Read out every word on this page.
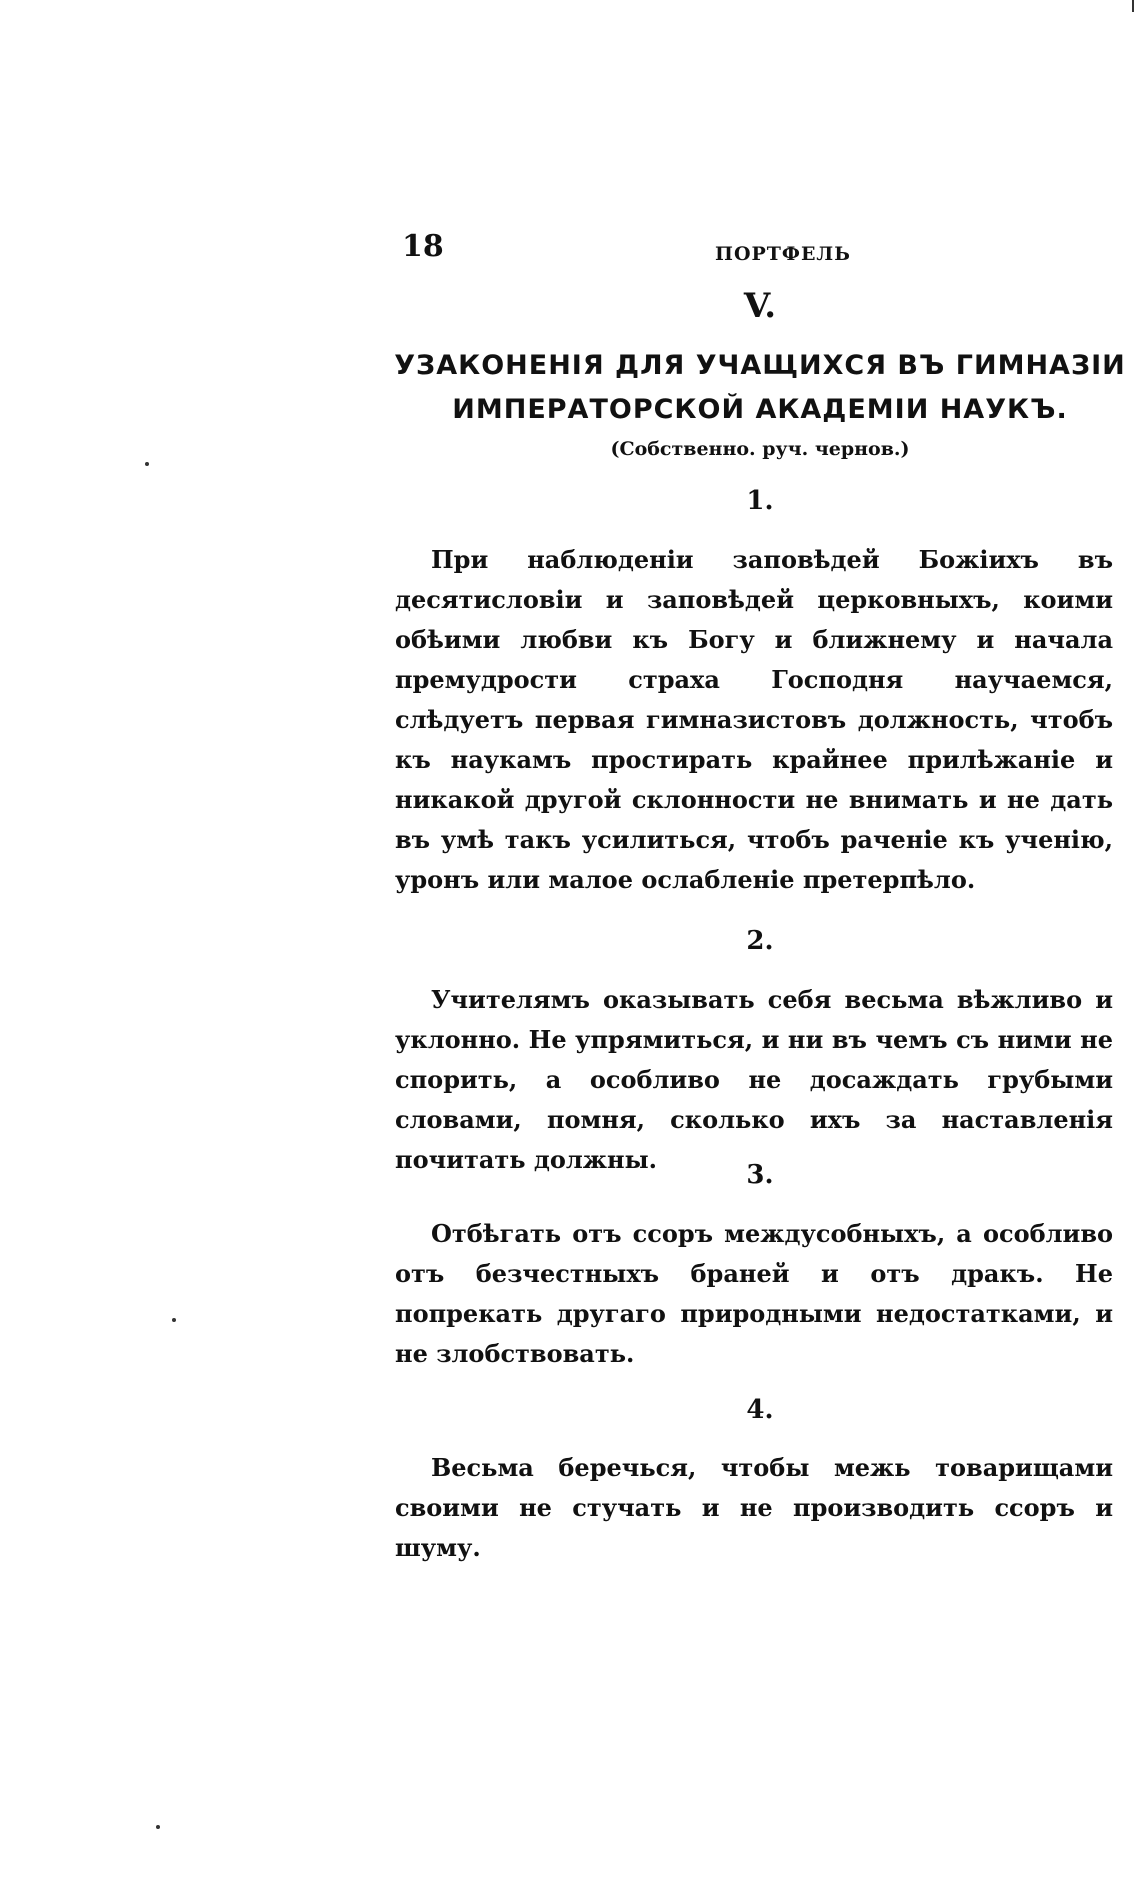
18	ПОРТФЕЛЬ
V.
УЗАКОНЕНІЯ ДЛЯ УЧАЩИХСЯ ВЪ ГИМНАЗІИ
ИМПЕРАТОРСКОЙ АКАДЕМІИ НАУКЪ.
(Собственно. руч. чернов.)
1.
При наблюденіи заповѣдей Божіихъ въ десятисловіи и заповѣдей церковныхъ, коими обѣими любви къ Богу и ближнему и начала премудрости страха Господня научаемся, слѣдуетъ первая гимназистовъ должность, чтобъ къ наукамъ простирать крайнее прилѣжаніе и никакой другой склонности не внимать и не дать въ умѣ такъ усилиться, чтобъ раченіе къ ученію, уронъ или малое ослабленіе претерпѣло.
2.
Учителямъ оказывать себя весьма вѣжливо и уклонно. Не упрямиться, и ни въ чемъ съ ними не спорить, а особливо не досаждать грубыми словами, помня, сколько ихъ за наставленія почитать должны.
3.
Отбѣгать отъ ссоръ междусобныхъ, а особливо отъ безчестныхъ браней и отъ дракъ. Не попрекать другаго природными недостатками, и не злобствовать.
4.
Весьма беречься, чтобы межь товарищами своими не стучать и не производить ссоръ и шуму.
